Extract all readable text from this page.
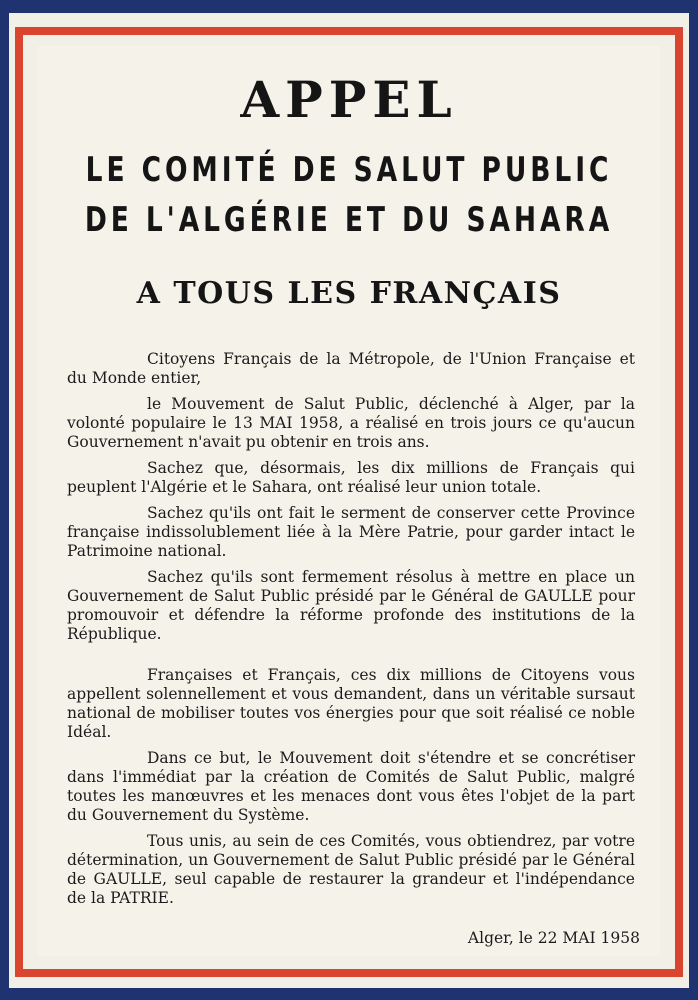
APPEL
LE COMITÉ DE SALUT PUBLIC
DE L'ALGÉRIE ET DU SAHARA
A TOUS LES FRANÇAIS

Citoyens Français de la Métropole, de l'Union Française et du Monde entier,

le Mouvement de Salut Public, déclenché à Alger, par la volonté populaire le 13 MAI 1958, a réalisé en trois jours ce qu'aucun Gouvernement n'avait pu obtenir en trois ans.

Sachez que, désormais, les dix millions de Français qui peuplent l'Algérie et le Sahara, ont réalisé leur union totale.

Sachez qu'ils ont fait le serment de conserver cette Province française indissolublement liée à la Mère Patrie, pour garder intact le Patrimoine national.

Sachez qu'ils sont fermement résolus à mettre en place un Gouvernement de Salut Public présidé par le Général de GAULLE pour promouvoir et défendre la réforme profonde des institutions de la République.

Françaises et Français, ces dix millions de Citoyens vous appellent solennellement et vous demandent, dans un véritable sursaut national de mobiliser toutes vos énergies pour que soit réalisé ce noble Idéal.

Dans ce but, le Mouvement doit s'étendre et se concrétiser dans l'immédiat par la création de Comités de Salut Public, malgré toutes les manœuvres et les menaces dont vous êtes l'objet de la part du Gouvernement du Système.

Tous unis, au sein de ces Comités, vous obtiendrez, par votre détermination, un Gouvernement de Salut Public présidé par le Général de GAULLE, seul capable de restaurer la grandeur et l'indépendance de la PATRIE.

Alger, le 22 MAI 1958
